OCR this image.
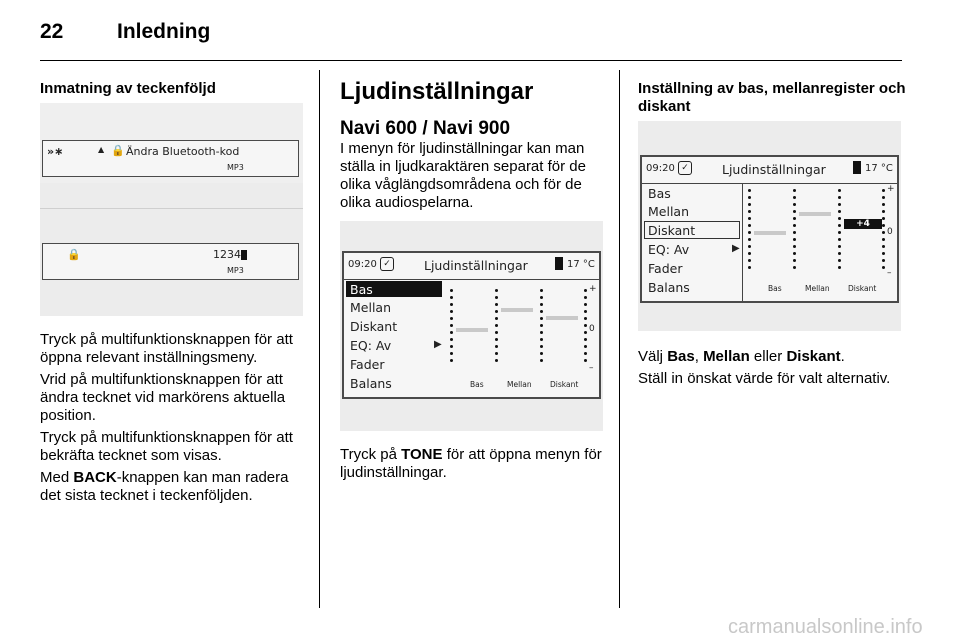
22	Inledning
Inmatning av teckenföljd
»∗	▲ 🔒 Ändra Bluetooth-kod
MP3
🔒	1234
MP3

Tryck på multifunktionsknappen för att öppna relevant inställningsmeny.

Vrid på multifunktionsknappen för att ändra tecknet vid markörens aktuella position.

Tryck på multifunktionsknappen för att bekräfta tecknet som visas.

Med BACK-knappen kan man radera det sista tecknet i teckenföljden.

Ljudinställningar
Navi 600 / Navi 900
I menyn för ljudinställningar kan man ställa in ljudkaraktären separat för de olika våglängdsområdena och för de olika audiospelarna.
09:20 ✓	Ljudinställningar	17 °C
Bas
Mellan
Diskant
EQ: Av	▶
Fader
Balans
+
0
–
Bas	Mellan Diskant

Tryck på TONE för att öppna menyn för ljudinställningar.

Inställning av bas, mellanregister och diskant
09:20 ✓	Ljudinställningar	17 °C
Bas
Mellan
Diskant
EQ: Av	▶
Fader
Balans
+4
+
0
–
Bas	Mellan Diskant

Välj Bas, Mellan eller Diskant.

Ställ in önskat värde för valt alternativ.

carmanualsonline.info
